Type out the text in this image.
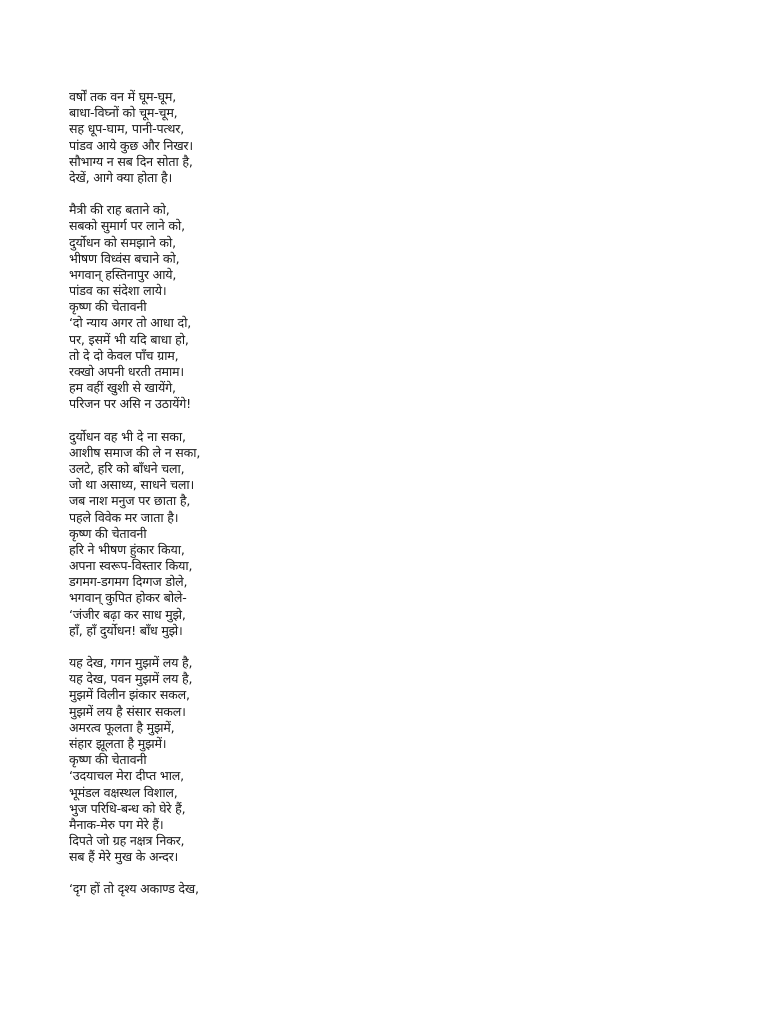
वर्षों तक वन में घूम-घूम,
बाधा-विघ्नों को चूम-चूम,
सह धूप-घाम, पानी-पत्थर,
पांडव आये कुछ और निखर।
सौभाग्य न सब दिन सोता है,
देखें, आगे क्या होता है।
मैत्री की राह बताने को,
सबको सुमार्ग पर लाने को,
दुर्योधन को समझाने को,
भीषण विध्वंस बचाने को,
भगवान् हस्तिनापुर आये,
पांडव का संदेशा लाये।
कृष्ण की चेतावनी
‘दो न्याय अगर तो आधा दो,
पर, इसमें भी यदि बाधा हो,
तो दे दो केवल पाँच ग्राम,
रक्खो अपनी धरती तमाम।
हम वहीं खुशी से खायेंगे,
परिजन पर असि न उठायेंगे!
दुर्योधन वह भी दे ना सका,
आशीष समाज की ले न सका,
उलटे, हरि को बाँधने चला,
जो था असाध्य, साधने चला।
जब नाश मनुज पर छाता है,
पहले विवेक मर जाता है।
कृष्ण की चेतावनी
हरि ने भीषण हुंकार किया,
अपना स्वरूप-विस्तार किया,
डगमग-डगमग दिग्गज डोले,
भगवान् कुपित होकर बोले-
‘जंजीर बढ़ा कर साध मुझे,
हाँ, हाँ दुर्योधन! बाँध मुझे।
यह देख, गगन मुझमें लय है,
यह देख, पवन मुझमें लय है,
मुझमें विलीन झंकार सकल,
मुझमें लय है संसार सकल।
अमरत्व फूलता है मुझमें,
संहार झूलता है मुझमें।
कृष्ण की चेतावनी
‘उदयाचल मेरा दीप्त भाल,
भूमंडल वक्षस्थल विशाल,
भुज परिधि-बन्ध को घेरे हैं,
मैनाक-मेरु पग मेरे हैं।
दिपते जो ग्रह नक्षत्र निकर,
सब हैं मेरे मुख के अन्दर।
‘दृग हों तो दृश्य अकाण्ड देख,
